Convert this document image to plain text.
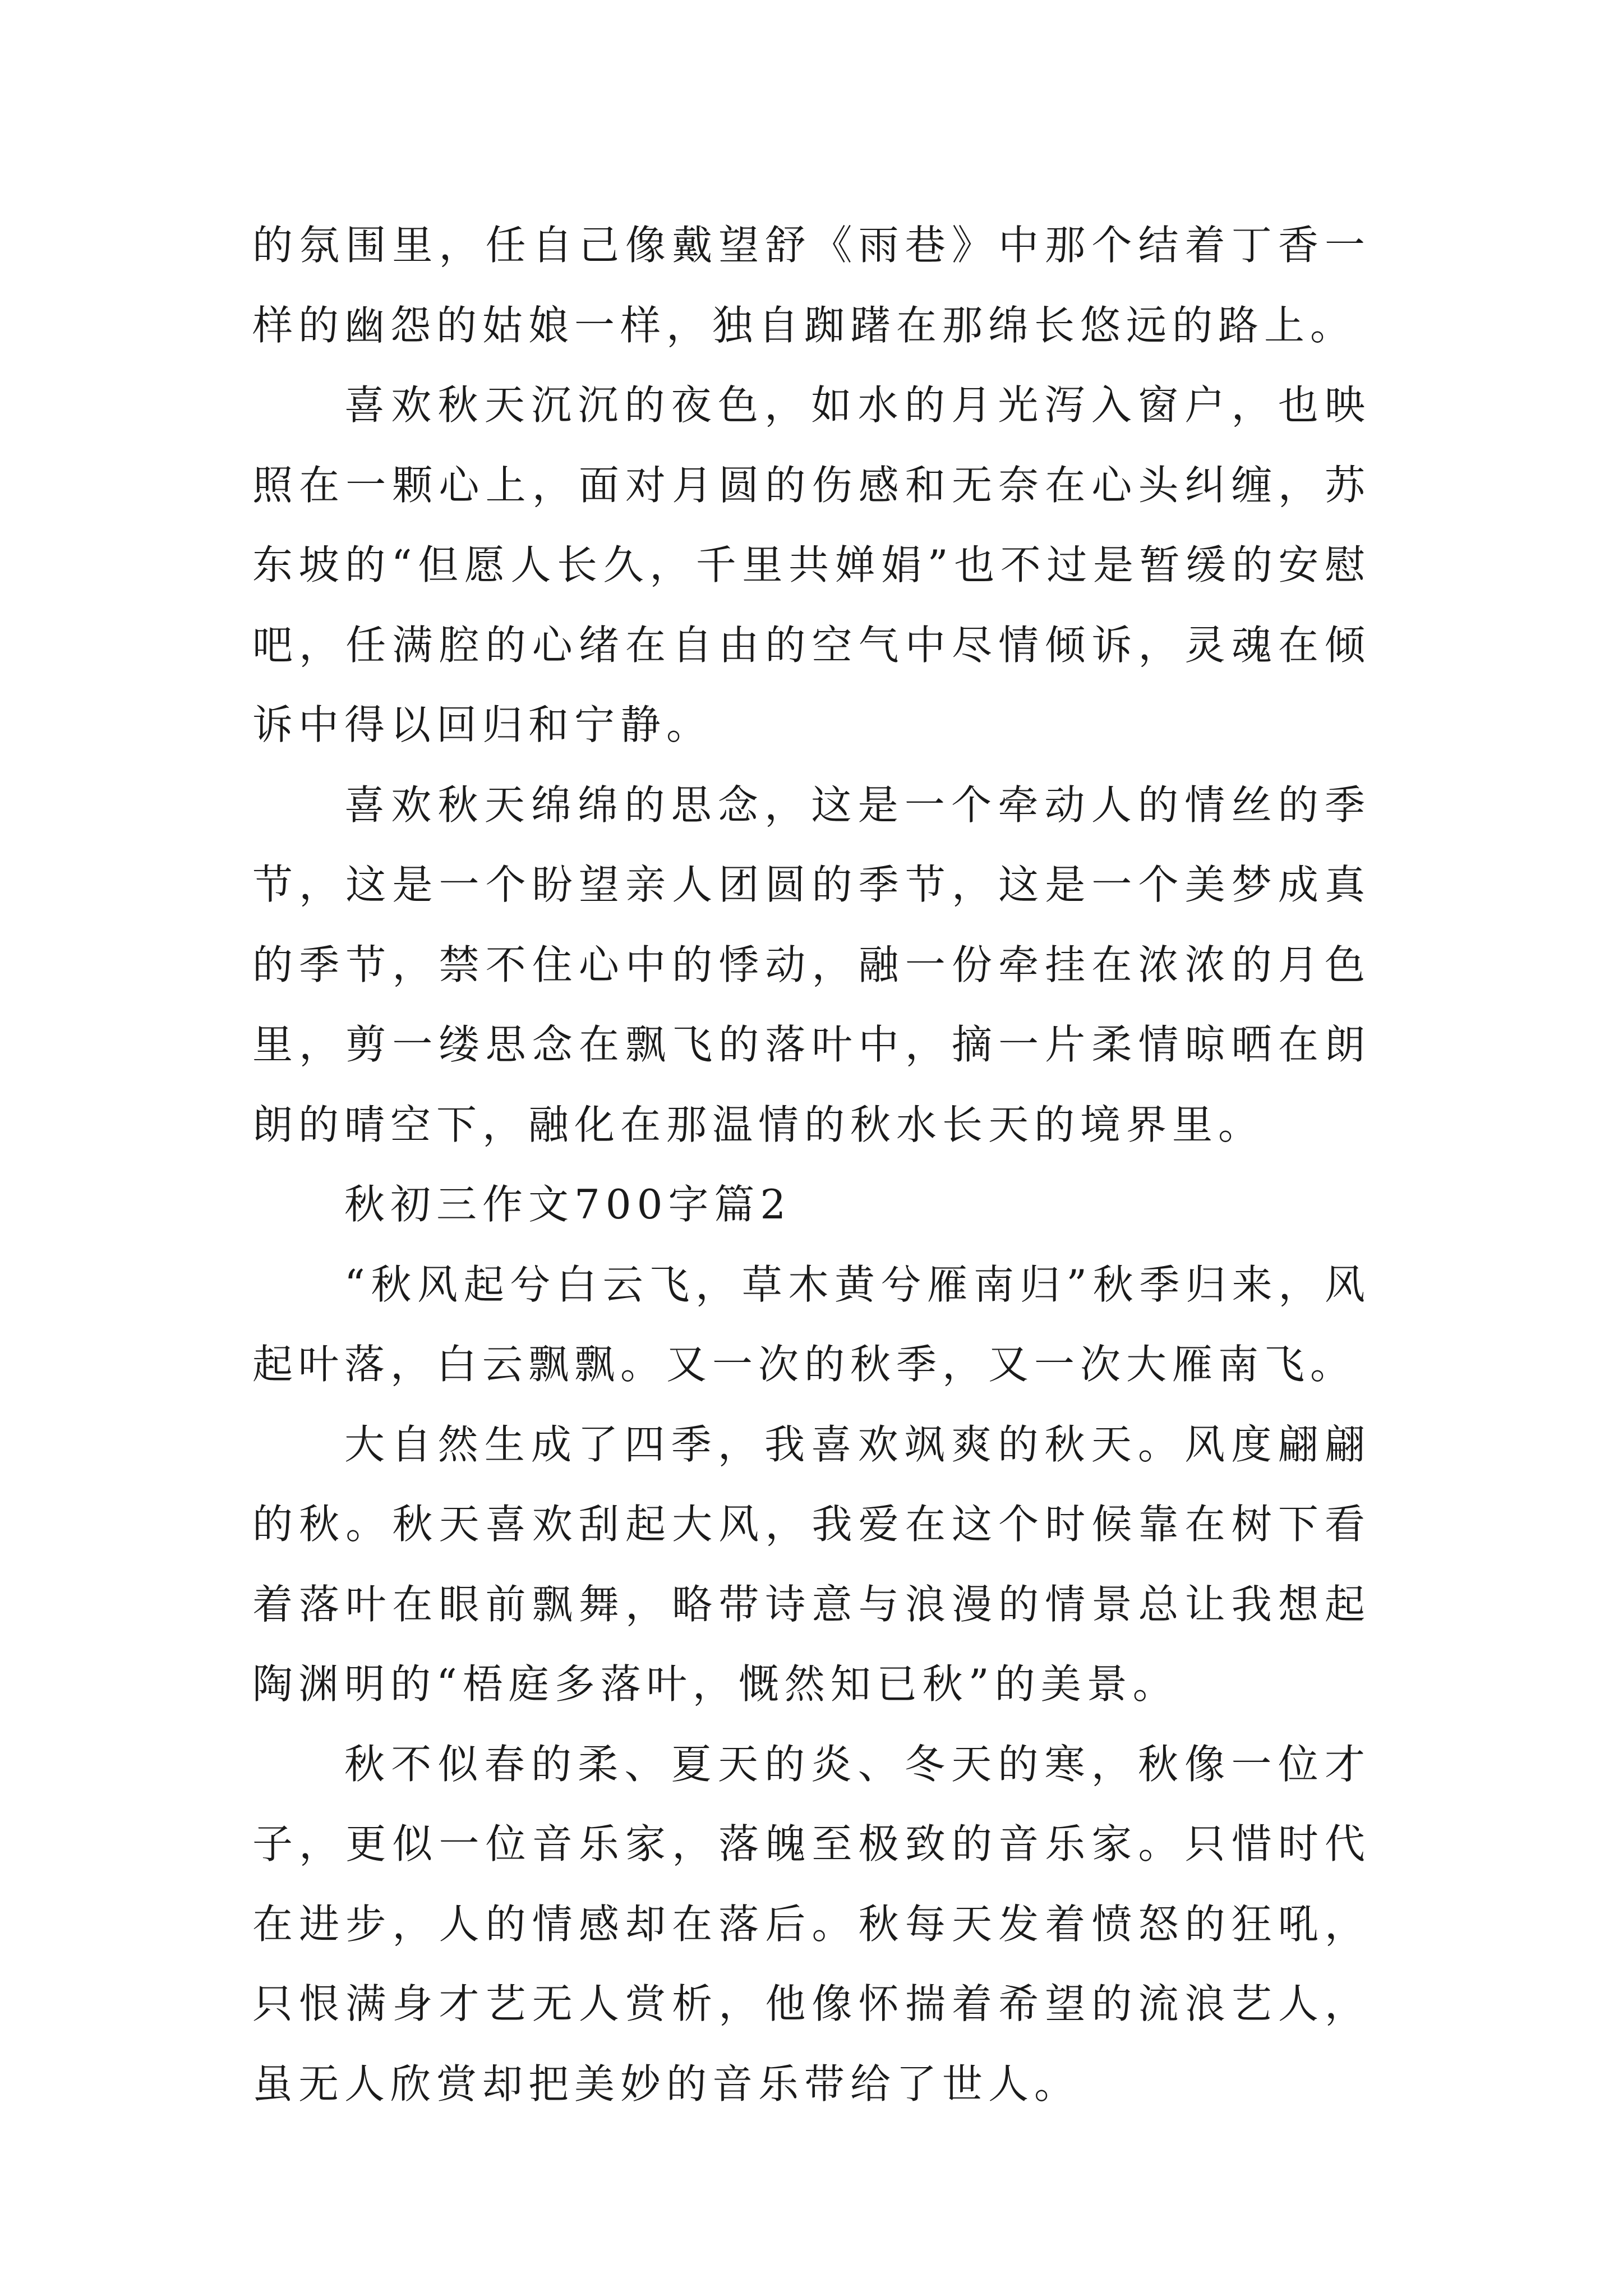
的氛围里，任自己像戴望舒《雨巷》中那个结着丁香一样的幽怨的姑娘一样，独自踟躇在那绵长悠远的路上。

喜欢秋天沉沉的夜色，如水的月光泻入窗户，也映照在一颗心上，面对月圆的伤感和无奈在心头纠缠，苏东坡的“但愿人长久，千里共婵娟”也不过是暂缓的安慰吧，任满腔的心绪在自由的空气中尽情倾诉，灵魂在倾诉中得以回归和宁静。

喜欢秋天绵绵的思念，这是一个牵动人的情丝的季节，这是一个盼望亲人团圆的季节，这是一个美梦成真的季节，禁不住心中的悸动，融一份牵挂在浓浓的月色里，剪一缕思念在飘飞的落叶中，摘一片柔情晾晒在朗朗的晴空下，融化在那温情的秋水长天的境界里。

秋初三作文700字篇2

“秋风起兮白云飞，草木黄兮雁南归”秋季归来，风起叶落，白云飘飘。又一次的秋季，又一次大雁南飞。

大自然生成了四季，我喜欢飒爽的秋天。风度翩翩的秋。秋天喜欢刮起大风，我爱在这个时候靠在树下看着落叶在眼前飘舞，略带诗意与浪漫的情景总让我想起陶渊明的“梧庭多落叶，慨然知已秋”的美景。

秋不似春的柔、夏天的炎、冬天的寒，秋像一位才子，更似一位音乐家，落魄至极致的音乐家。只惜时代在进步，人的情感却在落后。秋每天发着愤怒的狂吼，只恨满身才艺无人赏析，他像怀揣着希望的流浪艺人，虽无人欣赏却把美妙的音乐带给了世人。
